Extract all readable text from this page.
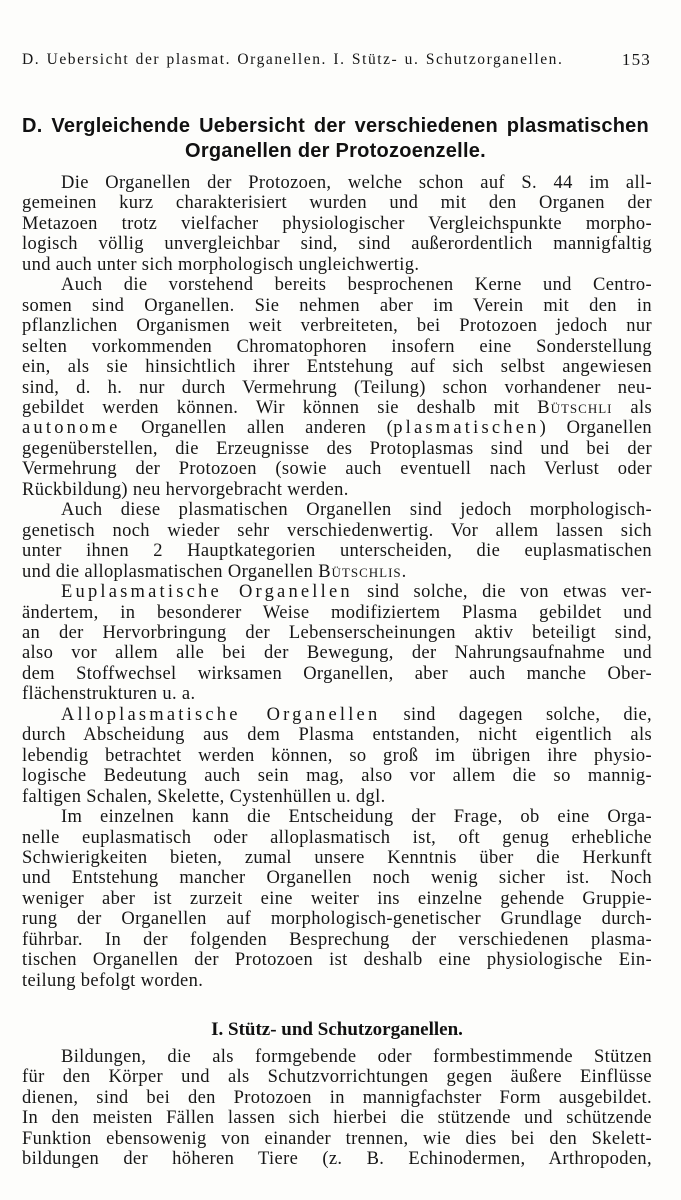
D. Uebersicht der plasmat. Organellen. I. Stütz- u. Schutzorganellen.	153
D. Vergleichende Uebersicht der verschiedenen plasmatischen
Organellen der Protozoenzelle.
Die Organellen der Protozoen, welche schon auf S. 44 im all-
gemeinen kurz charakterisiert wurden und mit den Organen der
Metazoen trotz vielfacher physiologischer Vergleichspunkte morpho-
logisch völlig unvergleichbar sind, sind außerordentlich mannigfaltig
und auch unter sich morphologisch ungleichwertig.
Auch die vorstehend bereits besprochenen Kerne und Centro-
somen sind Organellen. Sie nehmen aber im Verein mit den in
pflanzlichen Organismen weit verbreiteten, bei Protozoen jedoch nur
selten vorkommenden Chromatophoren insofern eine Sonderstellung
ein, als sie hinsichtlich ihrer Entstehung auf sich selbst angewiesen
sind, d. h. nur durch Vermehrung (Teilung) schon vorhandener neu-
gebildet werden können. Wir können sie deshalb mit Bütschli als
autonome Organellen allen anderen (plasmatischen) Organellen
gegenüberstellen, die Erzeugnisse des Protoplasmas sind und bei der
Vermehrung der Protozoen (sowie auch eventuell nach Verlust oder
Rückbildung) neu hervorgebracht werden.
Auch diese plasmatischen Organellen sind jedoch morphologisch-
genetisch noch wieder sehr verschiedenwertig. Vor allem lassen sich
unter ihnen 2 Hauptkategorien unterscheiden, die euplasmatischen
und die alloplasmatischen Organellen Bütschlis.
Euplasmatische Organellen sind solche, die von etwas ver-
ändertem, in besonderer Weise modifiziertem Plasma gebildet und
an der Hervorbringung der Lebenserscheinungen aktiv beteiligt sind,
also vor allem alle bei der Bewegung, der Nahrungsaufnahme und
dem Stoffwechsel wirksamen Organellen, aber auch manche Ober-
flächenstrukturen u. a.
Alloplasmatische Organellen sind dagegen solche, die,
durch Abscheidung aus dem Plasma entstanden, nicht eigentlich als
lebendig betrachtet werden können, so groß im übrigen ihre physio-
logische Bedeutung auch sein mag, also vor allem die so mannig-
faltigen Schalen, Skelette, Cystenhüllen u. dgl.
Im einzelnen kann die Entscheidung der Frage, ob eine Orga-
nelle euplasmatisch oder alloplasmatisch ist, oft genug erhebliche
Schwierigkeiten bieten, zumal unsere Kenntnis über die Herkunft
und Entstehung mancher Organellen noch wenig sicher ist. Noch
weniger aber ist zurzeit eine weiter ins einzelne gehende Gruppie-
rung der Organellen auf morphologisch-genetischer Grundlage durch-
führbar. In der folgenden Besprechung der verschiedenen plasma-
tischen Organellen der Protozoen ist deshalb eine physiologische Ein-
teilung befolgt worden.
I. Stütz- und Schutzorganellen.
Bildungen, die als formgebende oder formbestimmende Stützen
für den Körper und als Schutzvorrichtungen gegen äußere Einflüsse
dienen, sind bei den Protozoen in mannigfachster Form ausgebildet.
In den meisten Fällen lassen sich hierbei die stützende und schützende
Funktion ebensowenig von einander trennen, wie dies bei den Skelett-
bildungen der höheren Tiere (z. B. Echinodermen, Arthropoden,
